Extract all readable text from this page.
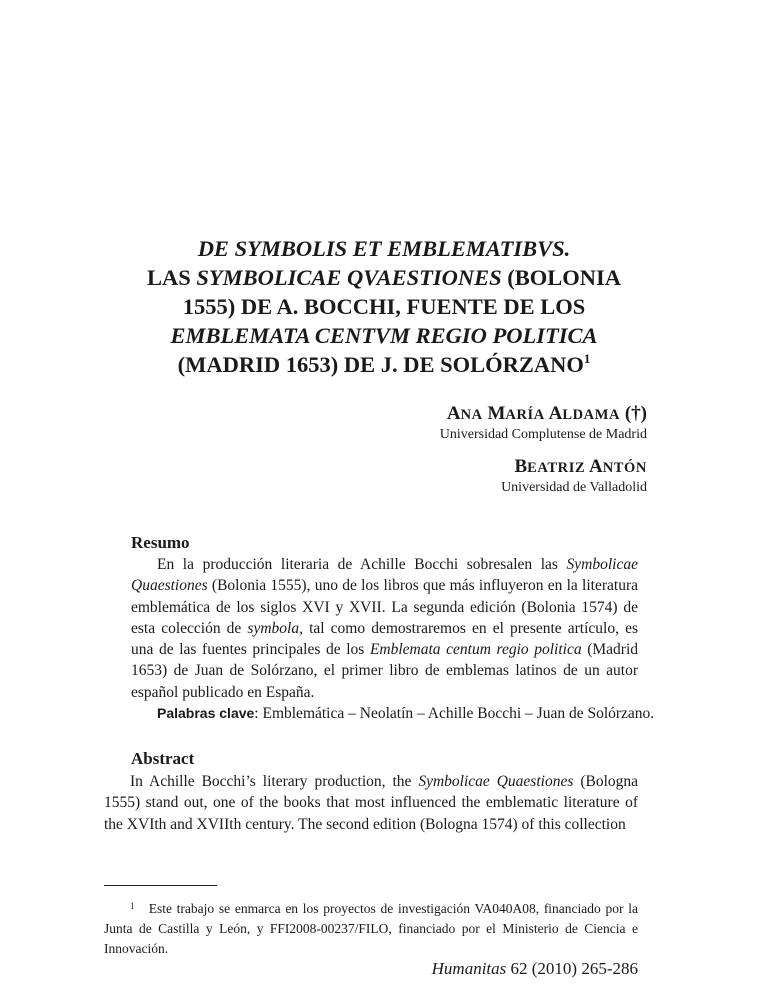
DE SYMBOLIS ET EMBLEMATIBVS.
LAS SYMBOLICAE QVAESTIONES (BOLONIA
1555) DE A. BOCCHI, FUENTE DE LOS
EMBLEMATA CENTVM REGIO POLITICA
(MADRID 1653) DE J. DE SOLÓRZANO$^1$
ANA MARÍA ALDAMA (†)
Universidad Complutense de Madrid
BEATRIZ ANTÓN
Universidad de Valladolid
Resumo

En la producción literaria de Achille Bocchi sobresalen las Symbolicae Quaestiones (Bolonia 1555), uno de los libros que más influyeron en la literatura emblemática de los siglos XVI y XVII. La segunda edición (Bolonia 1574) de esta colección de symbola, tal como demostraremos en el presente artículo, es una de las fuentes principales de los Emblemata centum regio politica (Madrid 1653) de Juan de Solórzano, el primer libro de emblemas latinos de un autor español publicado en España.

Palabras clave: Emblemática – Neolatín – Achille Bocchi – Juan de Solórzano.
Abstract

In Achille Bocchi’s literary production, the Symbolicae Quaestiones (Bologna 1555) stand out, one of the books that most influenced the emblematic literature of the XVIth and XVIIth century. The second edition (Bologna 1574) of this collection

$^1$ Este trabajo se enmarca en los proyectos de investigación VA040A08, financiado por la Junta de Castilla y León, y FFI2008-00237/FILO, financiado por el Ministerio de Ciencia e Innovación.

Humanitas 62 (2010) 265-286
